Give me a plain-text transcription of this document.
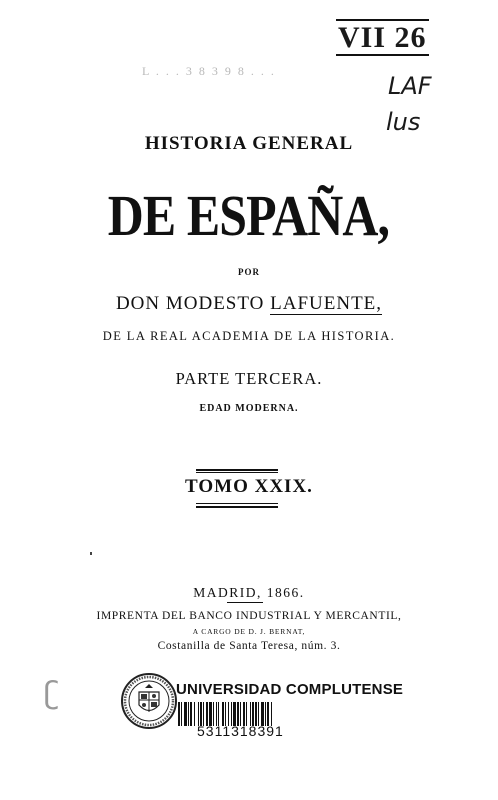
L . . . 3 8 3 9 8 . . .
VII 26
LAF
lus
HISTORIA GENERAL
DE ESPAÑA,
POR
DON MODESTO LAFUENTE,
DE LA REAL ACADEMIA DE LA HISTORIA.
PARTE TERCERA.
EDAD MODERNA.
TOMO XXIX.
MADRID, 1866.
IMPRENTA DEL BANCO INDUSTRIAL Y MERCANTIL,
A CARGO DE D. J. BERNAT,
Costanilla de Santa Teresa, núm. 3.
ʗ	UNIVERSIDAD COMPLUTENSE
5311318391
